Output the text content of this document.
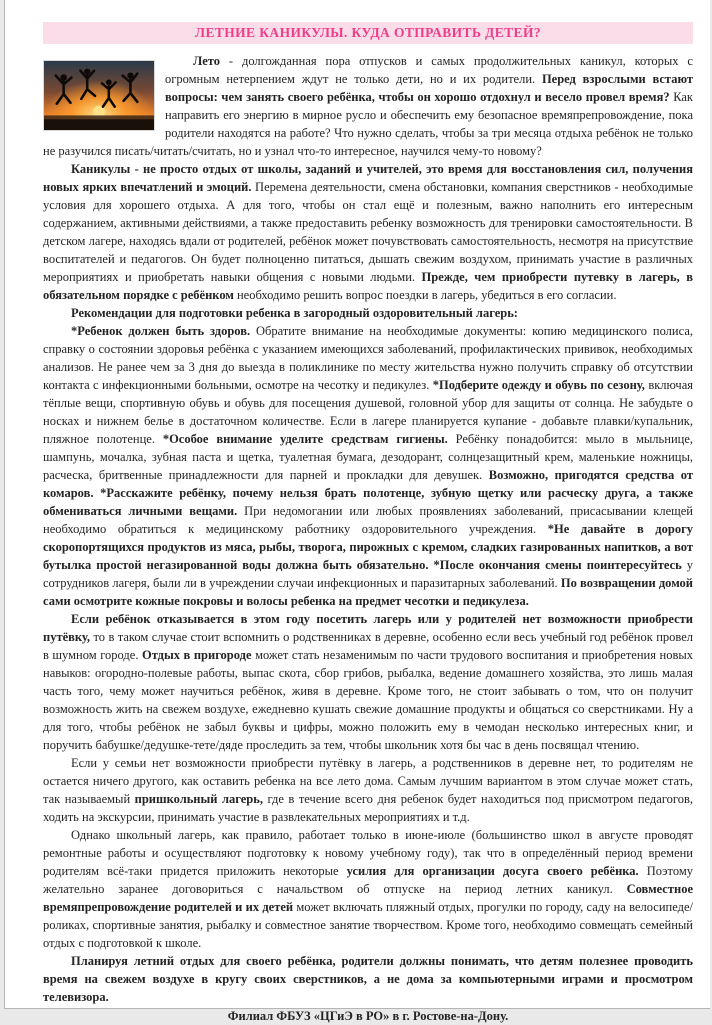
ЛЕТНИЕ КАНИКУЛЫ. КУДА ОТПРАВИТЬ ДЕТЕЙ?

Лето - долгожданная пора отпусков и самых продолжительных каникул, которых с огромным нетерпением ждут не только дети, но и их родители. Перед взрослыми встают вопросы: чем занять своего ребёнка, чтобы он хорошо отдохнул и весело провел время? Как направить его энергию в мирное русло и обеспечить ему безопасное времяпрепровождение, пока родители находятся на работе? Что нужно сделать, чтобы за три месяца отдыха ребёнок не только не разучился писать/читать/считать, но и узнал что-то интересное, научился чему-то новому?

Каникулы - не просто отдых от школы, заданий и учителей, это время для восстановления сил, получения новых ярких впечатлений и эмоций. Перемена деятельности, смена обстановки, компания сверстников - необходимые условия для хорошего отдыха. А для того, чтобы он стал ещё и полезным, важно наполнить его интересным содержанием, активными действиями, а также предоставить ребенку возможность для тренировки самостоятельности. В детском лагере, находясь вдали от родителей, ребёнок может почувствовать самостоятельность, несмотря на присутствие воспитателей и педагогов. Он будет полноценно питаться, дышать свежим воздухом, принимать участие в различных мероприятиях и приобретать навыки общения с новыми людьми. Прежде, чем приобрести путевку в лагерь, в обязательном порядке с ребёнком необходимо решить вопрос поездки в лагерь, убедиться в его согласии.

Рекомендации для подготовки ребенка в загородный оздоровительный лагерь:

*Ребенок должен быть здоров. Обратите внимание на необходимые документы: копию медицинского полиса, справку о состоянии здоровья ребёнка с указанием имеющихся заболеваний, профилактических прививок, необходимых анализов. Не ранее чем за 3 дня до выезда в поликлинике по месту жительства нужно получить справку об отсутствии контакта с инфекционными больными, осмотре на чесотку и педикулез. *Подберите одежду и обувь по сезону, включая тёплые вещи, спортивную обувь и обувь для посещения душевой, головной убор для защиты от солнца. Не забудьте о носках и нижнем белье в достаточном количестве. Если в лагере планируется купание - добавьте плавки/купальник, пляжное полотенце. *Особое внимание уделите средствам гигиены. Ребёнку понадобится: мыло в мыльнице, шампунь, мочалка, зубная паста и щетка, туалетная бумага, дезодорант, солнцезащитный крем, маленькие ножницы, расческа, бритвенные принадлежности для парней и прокладки для девушек. Возможно, пригодятся средства от комаров. *Расскажите ребёнку, почему нельзя брать полотенце, зубную щетку или расческу друга, а также обмениваться личными вещами. При недомогании или любых проявлениях заболеваний, присасывании клещей необходимо обратиться к медицинскому работнику оздоровительного учреждения. *Не давайте в дорогу скоропортящихся продуктов из мяса, рыбы, творога, пирожных с кремом, сладких газированных напитков, а вот бутылка простой негазированной воды должна быть обязательно. *После окончания смены поинтересуйтесь у сотрудников лагеря, были ли в учреждении случаи инфекционных и паразитарных заболеваний. По возвращении домой сами осмотрите кожные покровы и волосы ребенка на предмет чесотки и педикулеза.

Если ребёнок отказывается в этом году посетить лагерь или у родителей нет возможности приобрести путёвку, то в таком случае стоит вспомнить о родственниках в деревне, особенно если весь учебный год ребёнок провел в шумном городе. Отдых в пригороде может стать незаменимым по части трудового воспитания и приобретения новых навыков: огородно-полевые работы, выпас скота, сбор грибов, рыбалка, ведение домашнего хозяйства, это лишь малая часть того, чему может научиться ребёнок, живя в деревне. Кроме того, не стоит забывать о том, что он получит возможность жить на свежем воздухе, ежедневно кушать свежие домашние продукты и общаться со сверстниками. Ну а для того, чтобы ребёнок не забыл буквы и цифры, можно положить ему в чемодан несколько интересных книг, и поручить бабушке/дедушке-тете/дяде проследить за тем, чтобы школьник хотя бы час в день посвящал чтению.

Если у семьи нет возможности приобрести путёвку в лагерь, а родственников в деревне нет, то родителям не остается ничего другого, как оставить ребенка на все лето дома. Самым лучшим вариантом в этом случае может стать, так называемый пришкольный лагерь, где в течение всего дня ребенок будет находиться под присмотром педагогов, ходить на экскурсии, принимать участие в развлекательных мероприятиях и т.д.

Однако школьный лагерь, как правило, работает только в июне-июле (большинство школ в августе проводят ремонтные работы и осуществляют подготовку к новому учебному году), так что в определённый период времени родителям всё-таки придется приложить некоторые усилия для организации досуга своего ребёнка. Поэтому желательно заранее договориться с начальством об отпуске на период летних каникул. Совместное времяпрепровождение родителей и их детей может включать пляжный отдых, прогулки по городу, саду на велосипеде/роликах, спортивные занятия, рыбалку и совместное занятие творчеством. Кроме того, необходимо совмещать семейный отдых с подготовкой к школе.

Планируя летний отдых для своего ребёнка, родители должны понимать, что детям полезнее проводить время на свежем воздухе в кругу своих сверстников, а не дома за компьютерными играми и просмотром телевизора.

Филиал ФБУЗ «ЦГиЭ в РО» в г. Ростове-на-Дону.
